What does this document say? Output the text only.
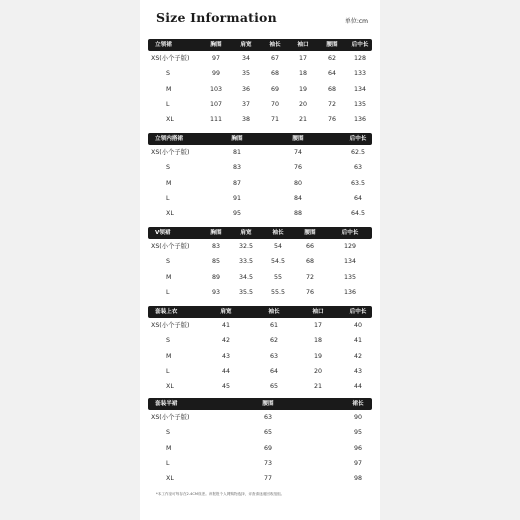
Size Information	单位:cm
立领裙	胸围	肩宽	袖长	袖口	腰围	后中长
XS(小个子版)	97	34	67	17	62	128
S	99	35	68	18	64	133
M	103	36	69	19	68	134
L	107	37	70	20	72	135
XL	111	38	71	21	76	136
立领内搭裙	胸围	腰围	后中长
XS(小个子版)	81	74	62.5
S	83	76	63
M	87	80	63.5
L	91	84	64
XL	95	88	64.5
V领裙	胸围	肩宽	袖长	腰围	后中长
XS(小个子版)	83	32.5	54	66	129
S	85	33.5	54.5	68	134
M	89	34.5	55	72	135
L	93	35.5	55.5	76	136
套装上衣	肩宽	袖长	袖口	后中长
XS(小个子版)	41	61	17	40
S	42	62	18	41
M	43	63	19	42
L	44	64	20	43
XL	45	65	21	44
套装半裙	腰围	裙长
XS(小个子版)	63	90
S	65	95
M	69	96
L	73	97
XL	77	98
*本工作室可每存在2-4CM误差。该报报个人网购物选择，评查请迷迪回收组组。
